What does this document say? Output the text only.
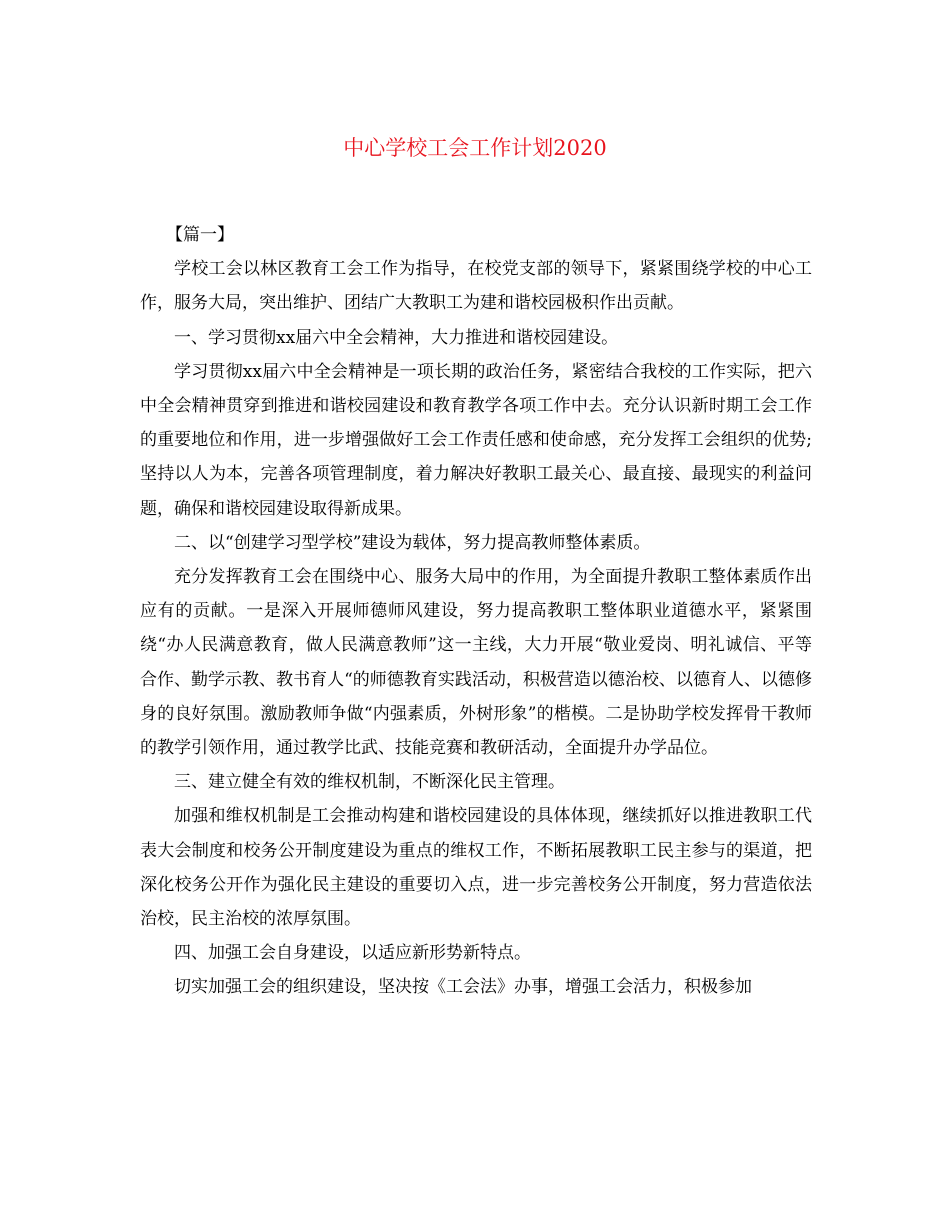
中心学校工会工作计划2020

【篇一】

学校工会以林区教育工会工作为指导，在校党支部的领导下，紧紧围绕学校的中心工作，服务大局，突出维护、团结广大教职工为建和谐校园极积作出贡献。

一、学习贯彻xx届六中全会精神，大力推进和谐校园建设。

学习贯彻xx届六中全会精神是一项长期的政治任务，紧密结合我校的工作实际，把六中全会精神贯穿到推进和谐校园建设和教育教学各项工作中去。充分认识新时期工会工作的重要地位和作用，进一步增强做好工会工作责任感和使命感，充分发挥工会组织的优势;坚持以人为本，完善各项管理制度，着力解决好教职工最关心、最直接、最现实的利益问题，确保和谐校园建设取得新成果。

二、以“创建学习型学校”建设为载体，努力提高教师整体素质。

充分发挥教育工会在围绕中心、服务大局中的作用，为全面提升教职工整体素质作出应有的贡献。一是深入开展师德师风建设，努力提高教职工整体职业道德水平，紧紧围绕“办人民满意教育，做人民满意教师”这一主线，大力开展“敬业爱岗、明礼诚信、平等合作、勤学示教、教书育人“的师德教育实践活动，积极营造以德治校、以德育人、以德修身的良好氛围。激励教师争做“内强素质，外树形象”的楷模。二是协助学校发挥骨干教师的教学引领作用，通过教学比武、技能竞赛和教研活动，全面提升办学品位。

三、建立健全有效的维权机制，不断深化民主管理。

加强和维权机制是工会推动构建和谐校园建设的具体体现，继续抓好以推进教职工代表大会制度和校务公开制度建设为重点的维权工作，不断拓展教职工民主参与的渠道，把深化校务公开作为强化民主建设的重要切入点，进一步完善校务公开制度，努力营造依法治校，民主治校的浓厚氛围。

四、加强工会自身建设，以适应新形势新特点。

切实加强工会的组织建设，坚决按《工会法》办事，增强工会活力，积极参加
